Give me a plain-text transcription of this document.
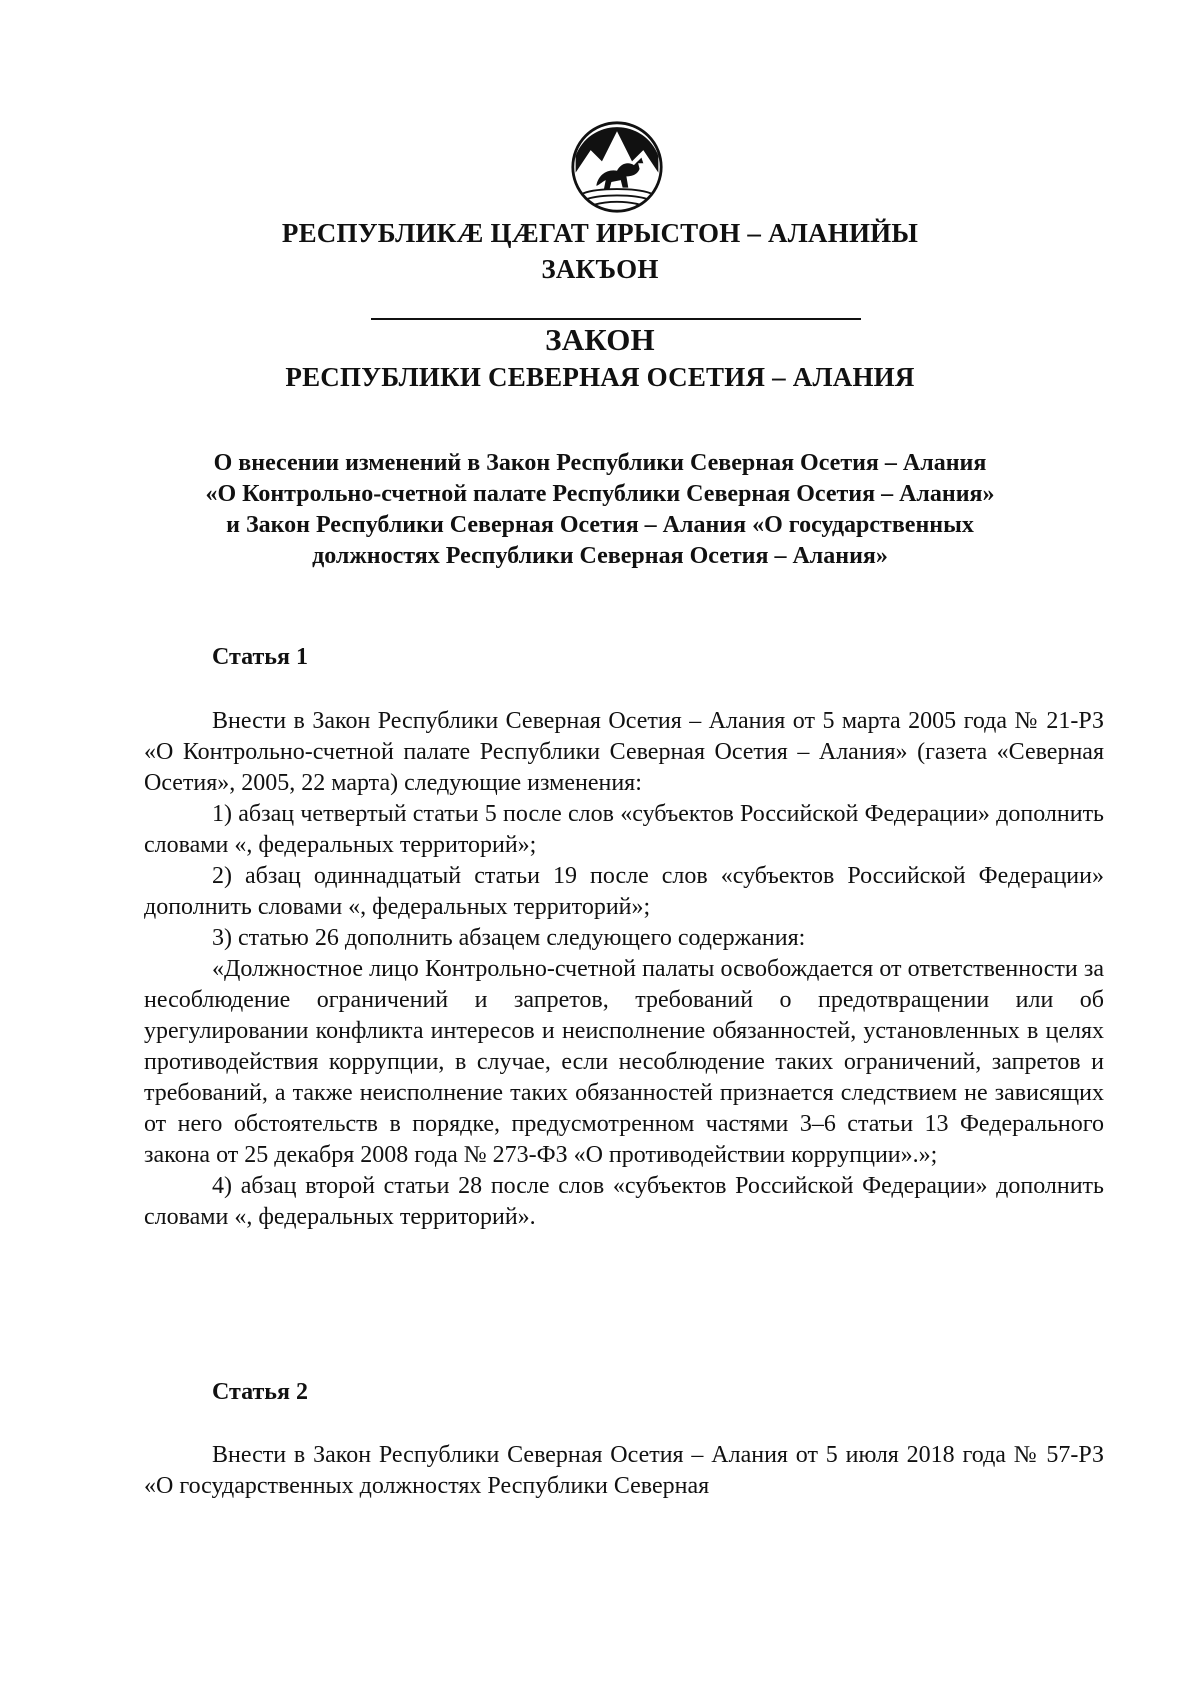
РЕСПУБЛИКӔ ЦӔГАТ ИРЫСТОН – АЛАНИЙЫ
ЗАКЪОН
ЗАКОН
РЕСПУБЛИКИ СЕВЕРНАЯ ОСЕТИЯ – АЛАНИЯ
О внесении изменений в Закон Республики Северная Осетия – Алания
«О Контрольно-счетной палате Республики Северная Осетия – Алания»
и Закон Республики Северная Осетия – Алания «О государственных
должностях Республики Северная Осетия – Алания»
Статья 1

Внести в Закон Республики Северная Осетия – Алания от 5 марта 2005 года № 21-РЗ «О Контрольно-счетной палате Республики Северная Осетия – Алания» (газета «Северная Осетия», 2005, 22 марта) следующие изменения:

1) абзац четвертый статьи 5 после слов «субъектов Российской Федерации» дополнить словами «, федеральных территорий»;

2) абзац одиннадцатый статьи 19 после слов «субъектов Российской Федерации» дополнить словами «, федеральных территорий»;

3) статью 26 дополнить абзацем следующего содержания:

«Должностное лицо Контрольно-счетной палаты освобождается от ответственности за несоблюдение ограничений и запретов, требований о предотвращении или об урегулировании конфликта интересов и неисполнение обязанностей, установленных в целях противодействия коррупции, в случае, если несоблюдение таких ограничений, запретов и требований, а также неисполнение таких обязанностей признается следствием не зависящих от него обстоятельств в порядке, предусмотренном частями 3–6 статьи 13 Федерального закона от 25 декабря 2008 года № 273-ФЗ «О противодействии коррупции».»;

4) абзац второй статьи 28 после слов «субъектов Российской Федерации» дополнить словами «, федеральных территорий».

Статья 2

Внести в Закон Республики Северная Осетия – Алания от 5 июля 2018 года № 57-РЗ «О государственных должностях Республики Северная
